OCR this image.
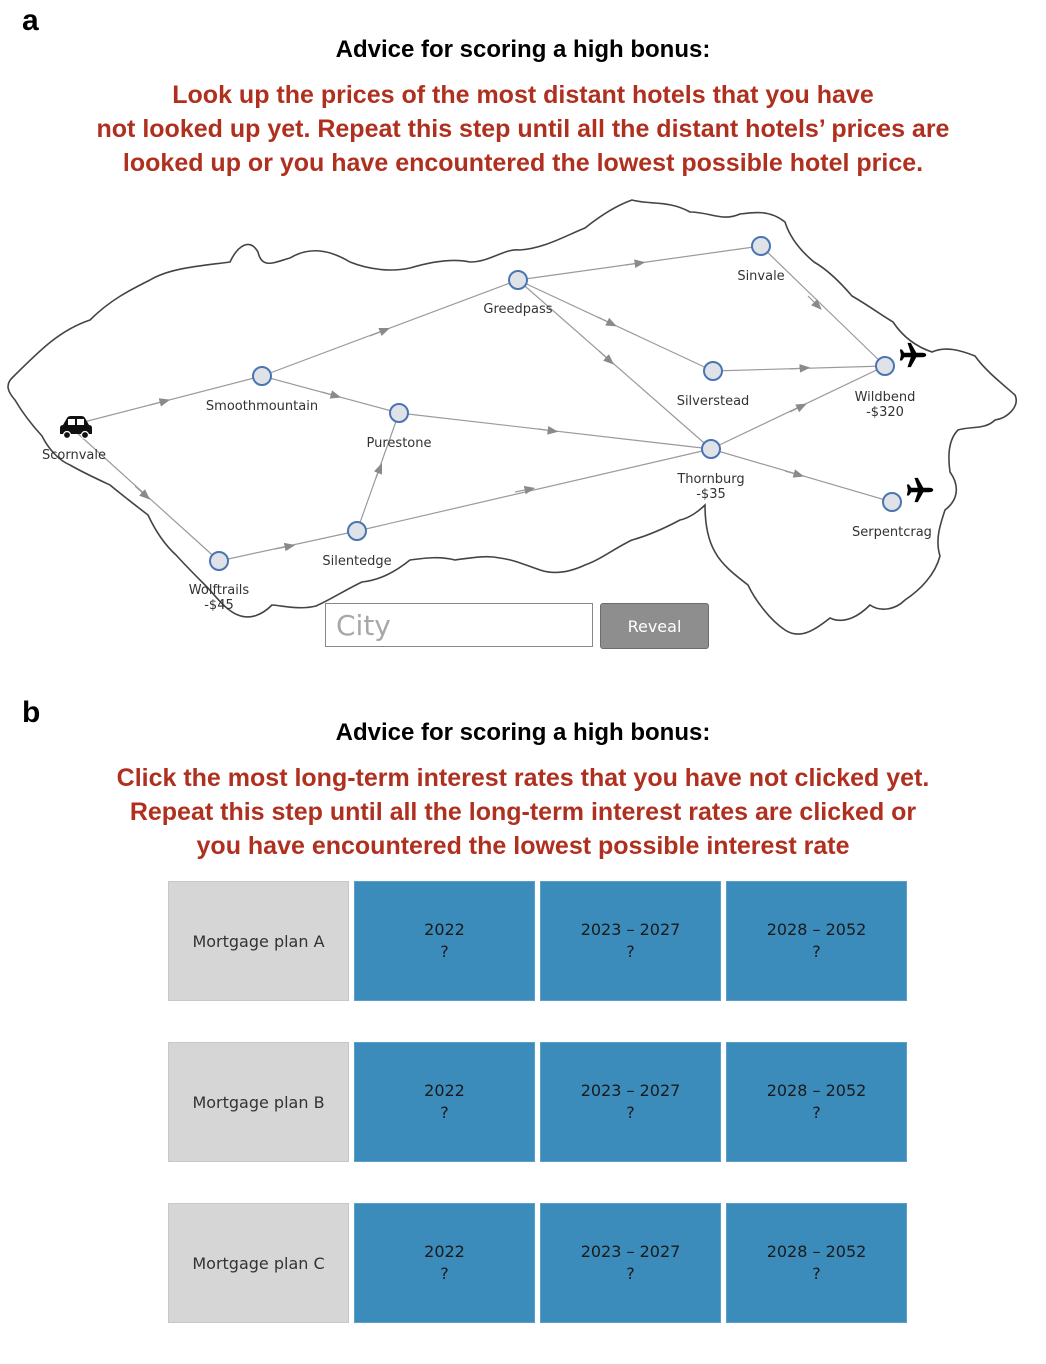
a
Advice for scoring a high bonus:
Look up the prices of the most distant hotels that you have
not looked up yet. Repeat this step until all the distant hotels’ prices are
looked up or you have encountered the lowest possible hotel price.
Scornvale
Smoothmountain
Purestone
Wolftrails
-$45
Silentedge
Greedpass
Sinvale
Silverstead
Thornburg
-$35
Wildbend
-$320
Serpentcrag
City
Reveal
b
Advice for scoring a high bonus:
Click the most long-term interest rates that you have not clicked yet.
Repeat this step until all the long-term interest rates are clicked or
you have encountered the lowest possible interest rate
Mortgage plan A
2022
?
2023 – 2027
?
2028 – 2052
?
Mortgage plan B
2022
?
2023 – 2027
?
2028 – 2052
?
Mortgage plan C
2022
?
2023 – 2027
?
2028 – 2052
?
